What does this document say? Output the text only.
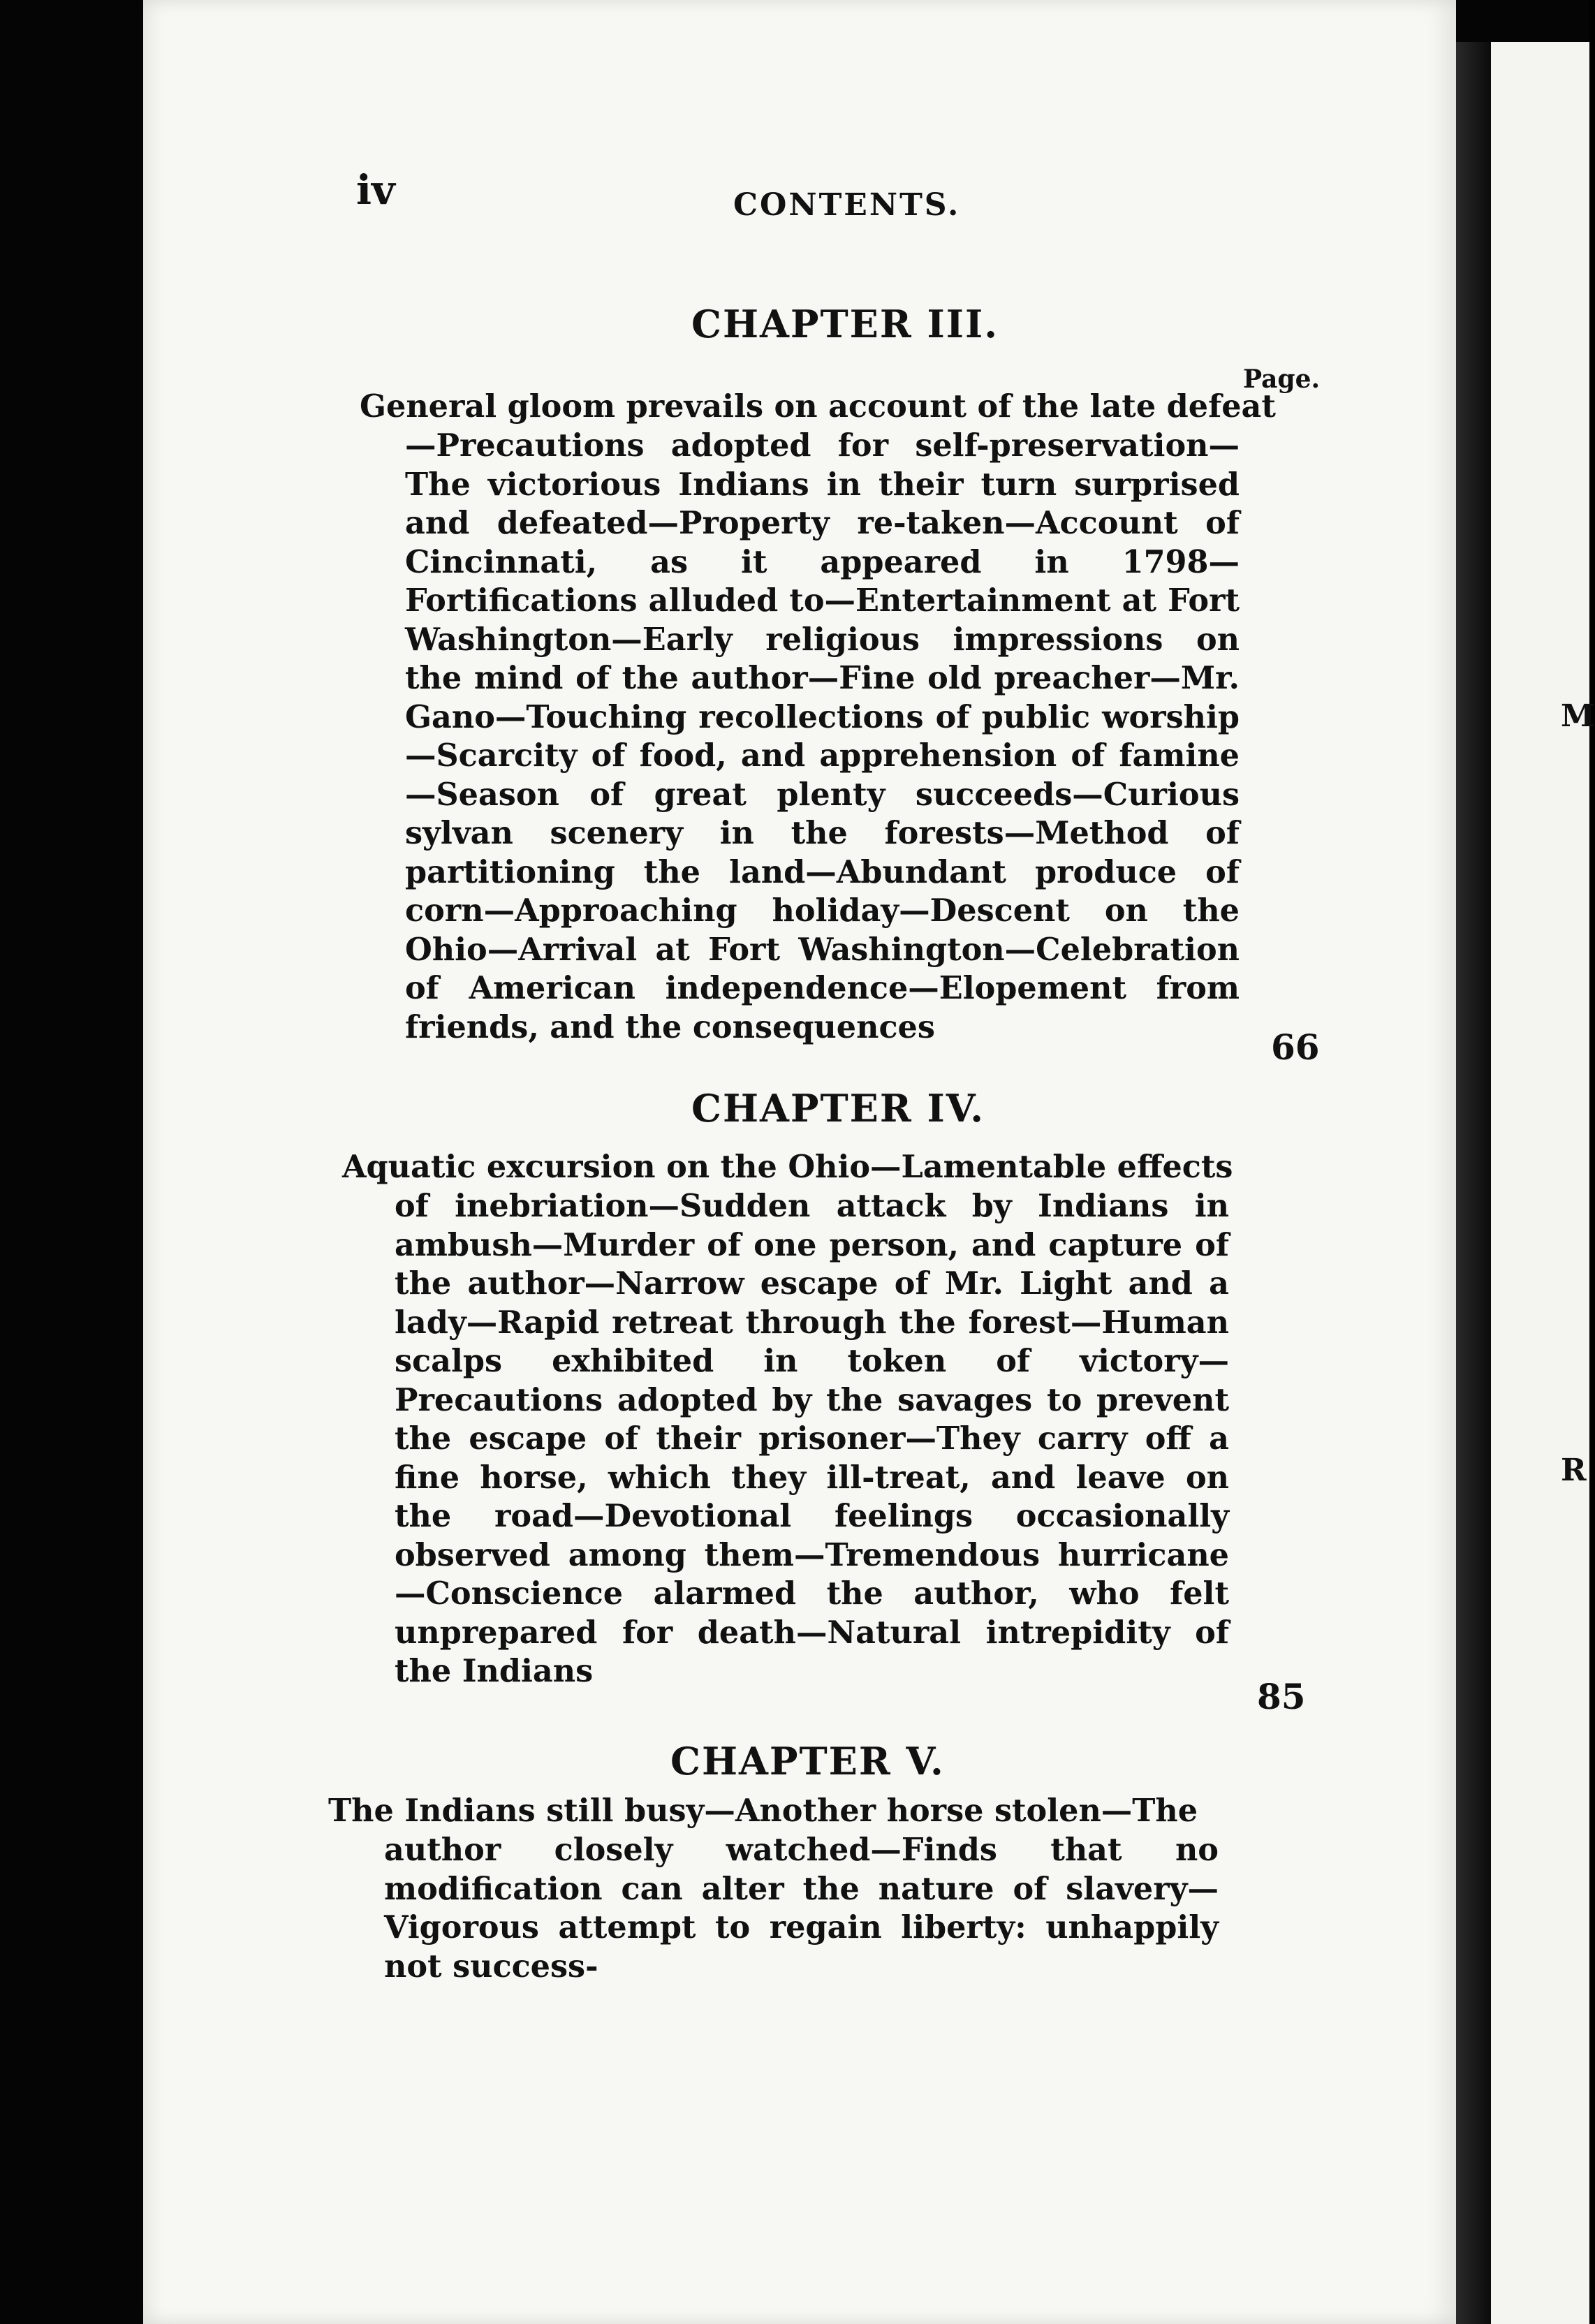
M
R
iv	CONTENTS.
CHAPTER III.
Page.
General gloom prevails on account of the late defeat
—Precautions adopted for self-preservation—The victorious Indians in their turn surprised and defeated—Property re-taken—Account of Cincinnati, as it appeared in 1798—Fortifications alluded to—Entertainment at Fort Washington—Early religious impressions on the mind of the author—Fine old preacher—Mr. Gano—Touching recollections of public worship—Scarcity of food, and apprehension of famine—Season of great plenty succeeds—Curious sylvan scenery in the forests—Method of partitioning the land—Abundant produce of corn—Approaching holiday—Descent on the Ohio—Arrival at Fort Washington—Celebration of American independence—Elopement from friends, and the consequences	66
CHAPTER IV.
Aquatic excursion on the Ohio—Lamentable effects
of inebriation—Sudden attack by Indians in ambush—Murder of one person, and capture of the author—Narrow escape of Mr. Light and a lady—Rapid retreat through the forest—Human scalps exhibited in token of victory—Precautions adopted by the savages to prevent the escape of their prisoner—They carry off a fine horse, which they ill-treat, and leave on the road—Devotional feelings occasionally observed among them—Tremendous hurricane—Conscience alarmed the author, who felt unprepared for death—Natural intrepidity of the Indians
85
CHAPTER V.
The Indians still busy—Another horse stolen—The
author closely watched—Finds that no modification can alter the nature of slavery—Vigorous attempt to regain liberty: unhappily not success-
